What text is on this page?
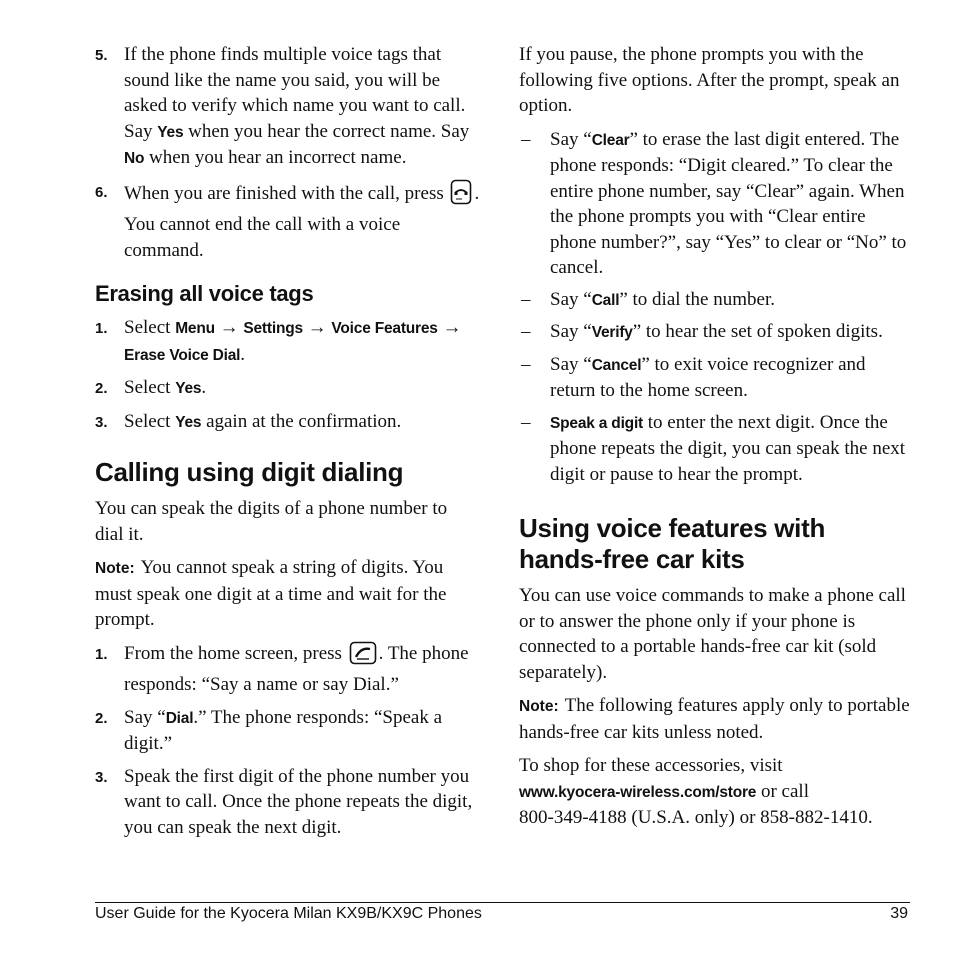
5. If the phone finds multiple voice tags that sound like the name you said, you will be asked to verify which name you want to call. Say Yes when you hear the correct name. Say No when you hear an incorrect name.
6. When you are finished with the call, press . You cannot end the call with a voice command.
Erasing all voice tags
1. Select Menu → Settings → Voice Features → Erase Voice Dial.
2. Select Yes.
3. Select Yes again at the confirmation.
Calling using digit dialing

You can speak the digits of a phone number to dial it.

Note: You cannot speak a string of digits. You must speak one digit at a time and wait for the prompt.

1. From the home screen, press . The phone responds: “Say a name or say Dial.”
2. Say “Dial.” The phone responds: “Speak a digit.”
3. Speak the first digit of the phone number you want to call. Once the phone repeats the digit, you can speak the next digit.

If you pause, the phone prompts you with the following five options. After the prompt, speak an option.

–	Say “Clear” to erase the last digit entered. The phone responds: “Digit cleared.” To clear the entire phone number, say “Clear” again. When the phone prompts you with “Clear entire phone number?”, say “Yes” to clear or “No” to cancel.
–	Say “Call” to dial the number.
–	Say “Verify” to hear the set of spoken digits.
–	Say “Cancel” to exit voice recognizer and return to the home screen.
–	Speak a digit to enter the next digit. Once the phone repeats the digit, you can speak the next digit or pause to hear the prompt.
Using voice features with hands-free car kits

You can use voice commands to make a phone call or to answer the phone only if your phone is connected to a portable hands-free car kit (sold separately).

Note: The following features apply only to portable hands-free car kits unless noted.

To shop for these accessories, visit
www.kyocera-wireless.com/store or call
800-349-4188 (U.S.A. only) or 858-882-1410.

User Guide for the Kyocera Milan KX9B/KX9C Phones	39
